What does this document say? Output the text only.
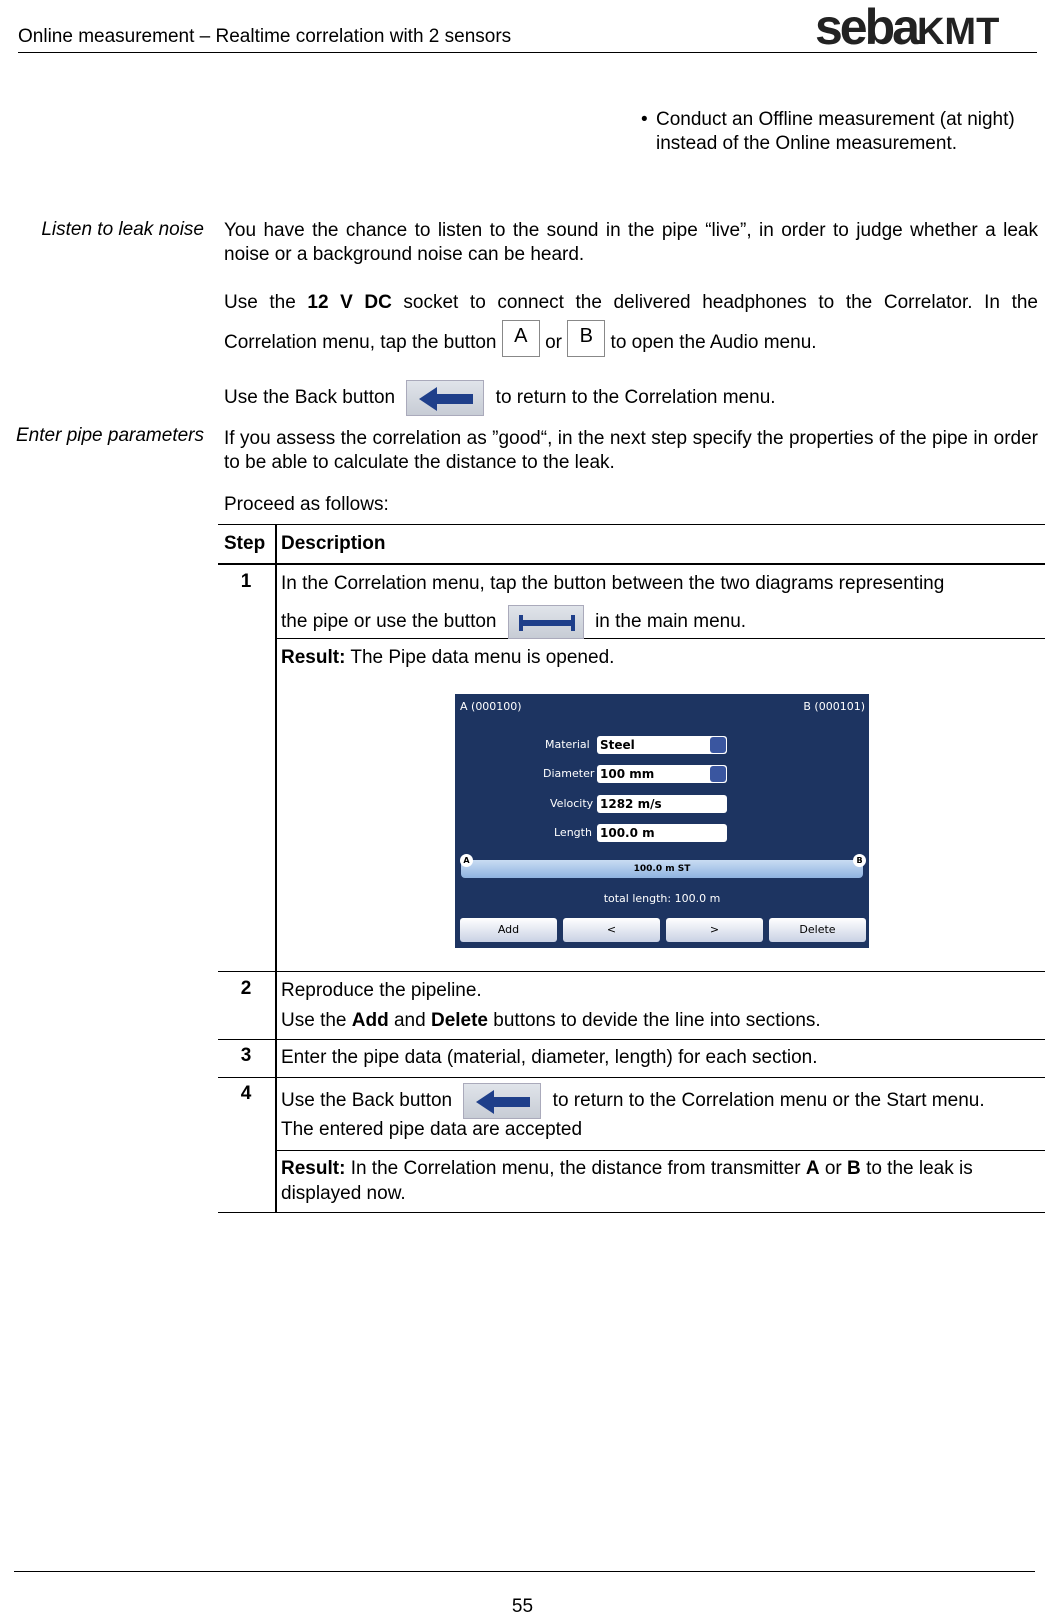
Online measurement – Realtime correlation with 2 sensors	sebaKMT
• Conduct an Offline measurement (at night) instead of the Online measurement.
Listen to leak noise You have the chance to listen to the sound in the pipe “live”, in order to judge whether a leak noise or a background noise can be heard.
Use the 12 V DC socket to connect the delivered headphones to the Correlator. In the Correlation menu, tap the button A or B to open the Audio menu.
Use the Back button	to return to the Correlation menu.
Enter pipe parameters If you assess the correlation as ”good“, in the next step specify the properties of the pipe in order to be able to calculate the distance to the leak.
Proceed as follows:
Step Description
1	In the Correlation menu, tap the button between the two diagrams representing
the pipe or use the button	in the main menu.
Result: The Pipe data menu is opened.
A (000100)	B (000101)
Material Steel
Diameter 100 mm
Velocity 1282 m/s
Length 100.0 m
100.0 m ST
A	B
total length: 100.0 m
Add	<	>	Delete
2	Reproduce the pipeline.
Use the Add and Delete buttons to devide the line into sections.
3	Enter the pipe data (material, diameter, length) for each section.
4	Use the Back button	to return to the Correlation menu or the Start menu.
The entered pipe data are accepted
Result: In the Correlation menu, the distance from transmitter A or B to the leak is displayed now.
55
